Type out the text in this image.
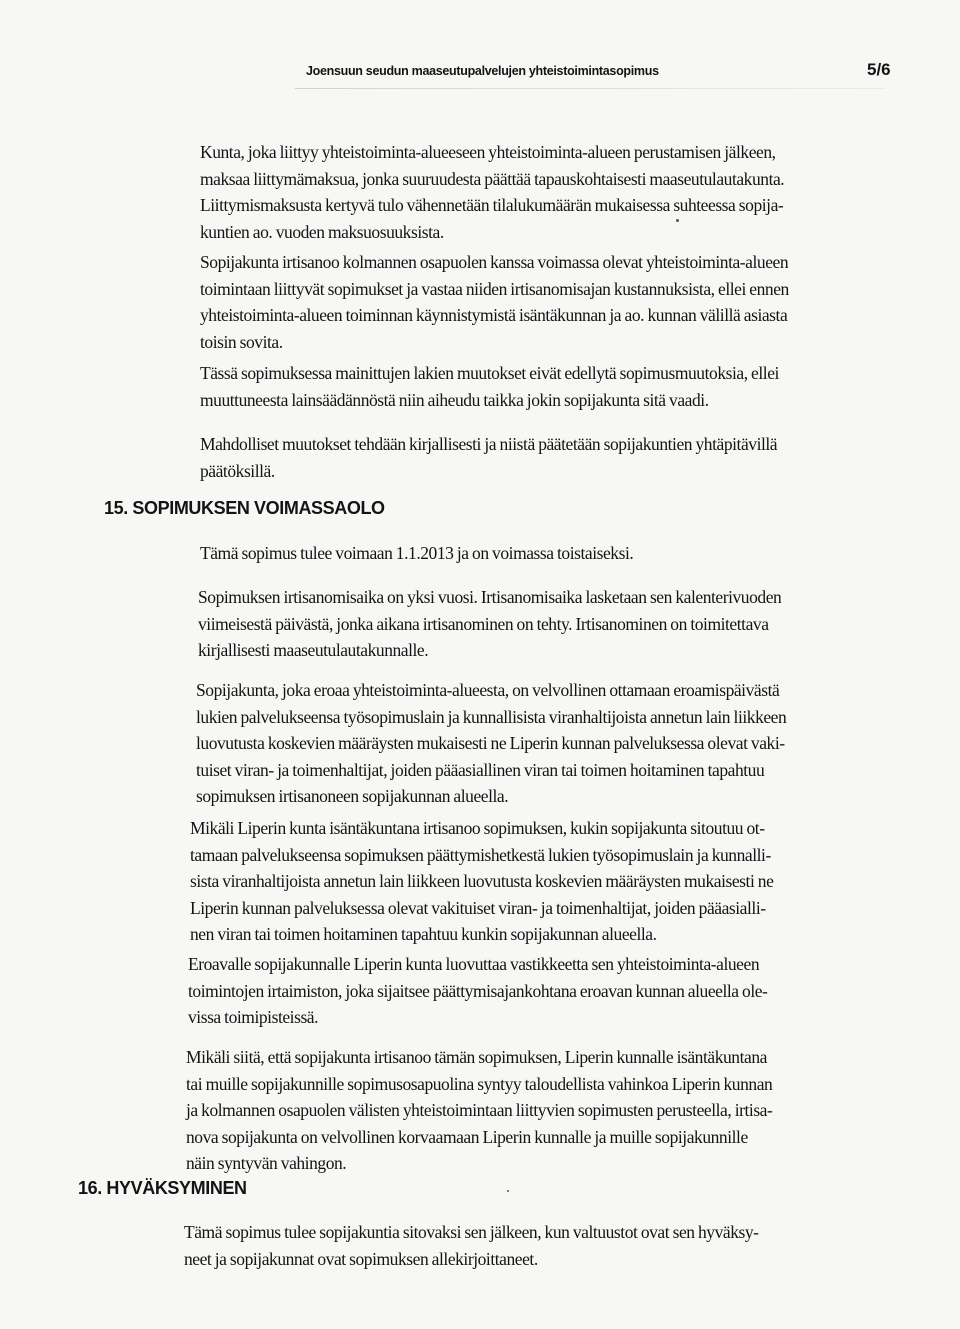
Joensuun seudun maaseutupalvelujen yhteistoimintasopimus	5/6

Kunta, joka liittyy yhteistoiminta-alueeseen yhteistoiminta-alueen perustamisen jälkeen,
maksaa liittymämaksua, jonka suuruudesta päättää tapauskohtaisesti maaseutulautakunta.
Liittymismaksusta kertyvä tulo vähennetään tilalukumäärän mukaisessa suhteessa sopija-
kuntien ao. vuoden maksuosuuksista.

Sopijakunta irtisanoo kolmannen osapuolen kanssa voimassa olevat yhteistoiminta-alueen
toimintaan liittyvät sopimukset ja vastaa niiden irtisanomisajan kustannuksista, ellei ennen
yhteistoiminta-alueen toiminnan käynnistymistä isäntäkunnan ja ao. kunnan välillä asiasta
toisin sovita.

Tässä sopimuksessa mainittujen lakien muutokset eivät edellytä sopimusmuutoksia, ellei
muuttuneesta lainsäädännöstä niin aiheudu taikka jokin sopijakunta sitä vaadi.

Mahdolliset muutokset tehdään kirjallisesti ja niistä päätetään sopijakuntien yhtäpitävillä
päätöksillä.

15. SOPIMUKSEN VOIMASSAOLO

Tämä sopimus tulee voimaan 1.1.2013 ja on voimassa toistaiseksi.

Sopimuksen irtisanomisaika on yksi vuosi. Irtisanomisaika lasketaan sen kalenterivuoden
viimeisestä päivästä, jonka aikana irtisanominen on tehty. Irtisanominen on toimitettava
kirjallisesti maaseutulautakunnalle.

Sopijakunta, joka eroaa yhteistoiminta-alueesta, on velvollinen ottamaan eroamispäivästä
lukien palvelukseensa työsopimuslain ja kunnallisista viranhaltijoista annetun lain liikkeen
luovutusta koskevien määräysten mukaisesti ne Liperin kunnan palveluksessa olevat vaki-
tuiset viran- ja toimenhaltijat, joiden pääasiallinen viran tai toimen hoitaminen tapahtuu
sopimuksen irtisanoneen sopijakunnan alueella.

Mikäli Liperin kunta isäntäkuntana irtisanoo sopimuksen, kukin sopijakunta sitoutuu ot-
tamaan palvelukseensa sopimuksen päättymishetkestä lukien työsopimuslain ja kunnalli-
sista viranhaltijoista annetun lain liikkeen luovutusta koskevien määräysten mukaisesti ne
Liperin kunnan palveluksessa olevat vakituiset viran- ja toimenhaltijat, joiden pääasialli-
nen viran tai toimen hoitaminen tapahtuu kunkin sopijakunnan alueella.

Eroavalle sopijakunnalle Liperin kunta luovuttaa vastikkeetta sen yhteistoiminta-alueen
toimintojen irtaimiston, joka sijaitsee päättymisajankohtana eroavan kunnan alueella ole-
vissa toimipisteissä.

Mikäli siitä, että sopijakunta irtisanoo tämän sopimuksen, Liperin kunnalle isäntäkuntana
tai muille sopijakunnille sopimusosapuolina syntyy taloudellista vahinkoa Liperin kunnan
ja kolmannen osapuolen välisten yhteistoimintaan liittyvien sopimusten perusteella, irtisa-
nova sopijakunta on velvollinen korvaamaan Liperin kunnalle ja muille sopijakunnille
näin syntyvän vahingon.

16. HYVÄKSYMINEN

Tämä sopimus tulee sopijakuntia sitovaksi sen jälkeen, kun valtuustot ovat sen hyväksy-
neet ja sopijakunnat ovat sopimuksen allekirjoittaneet.
